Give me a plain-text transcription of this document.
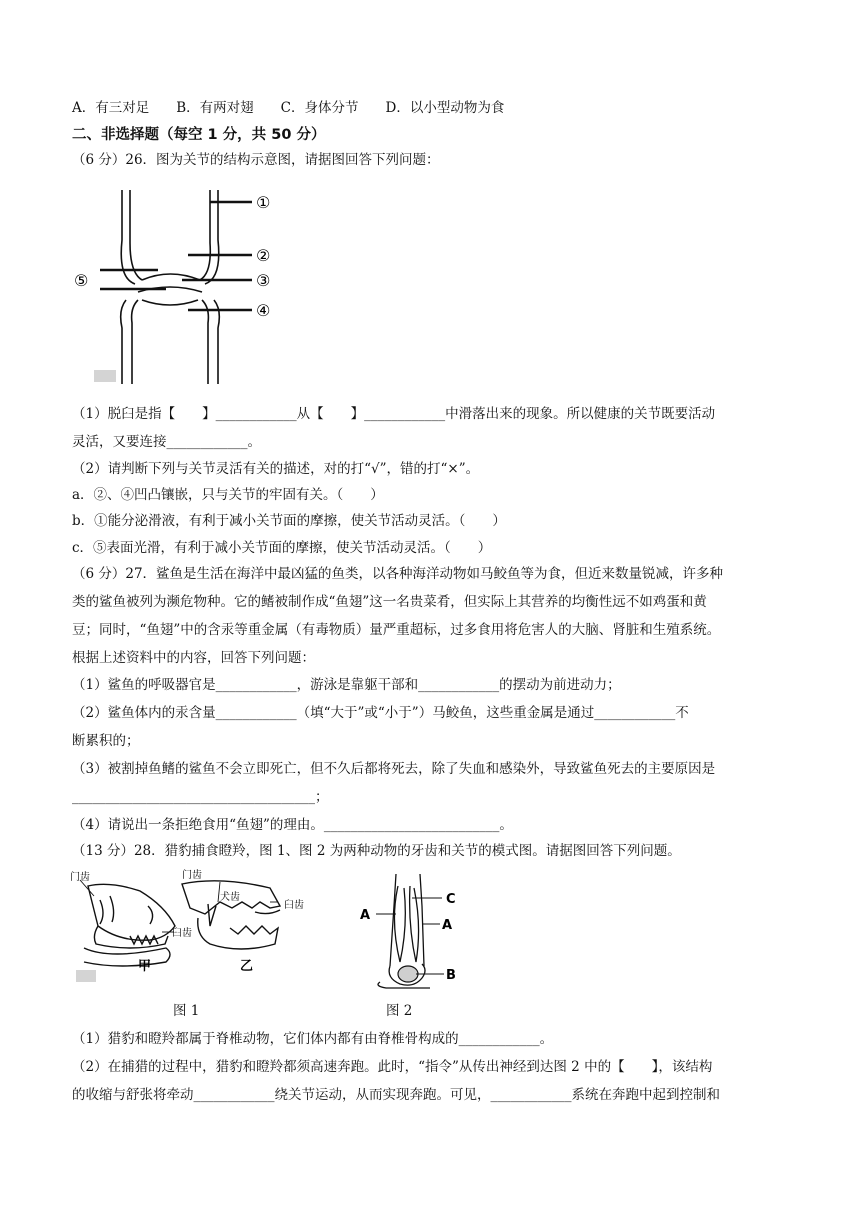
A．有三对足　　B．有两对翅　　C．身体分节　　D．以小型动物为食
二、非选择题（每空 1 分，共 50 分）
（6 分）26．图为关节的结构示意图，请据图回答下列问题：
①
②
③
④
⑤
（1）脱臼是指【　　】____________从【　　】____________中滑落出来的现象。所以健康的关节既要活动
灵活，又要连接____________。
（2）请判断下列与关节灵活有关的描述，对的打“√”，错的打“×”。
a．②、④凹凸镶嵌，只与关节的牢固有关。（　　）
b．①能分泌滑液，有利于减小关节面的摩擦，使关节活动灵活。（　　）
c．⑤表面光滑，有利于减小关节面的摩擦，使关节活动灵活。（　　）
（6 分）27．鲨鱼是生活在海洋中最凶猛的鱼类，以各种海洋动物如马鲛鱼等为食，但近来数量锐减，许多种
类的鲨鱼被列为濒危物种。它的鳍被制作成“鱼翅”这一名贵菜肴，但实际上其营养的均衡性远不如鸡蛋和黄
豆；同时，“鱼翅”中的含汞等重金属（有毒物质）量严重超标，过多食用将危害人的大脑、肾脏和生殖系统。
根据上述资料中的内容，回答下列问题：
（1）鲨鱼的呼吸器官是____________，游泳是靠躯干部和____________的摆动为前进动力；
（2）鲨鱼体内的汞含量____________（填“大于”或“小于”）马鲛鱼，这些重金属是通过____________不
断累积的；
（3）被割掉鱼鳍的鲨鱼不会立即死亡，但不久后都将死去，除了失血和感染外，导致鲨鱼死去的主要原因是
____________________________________；
（4）请说出一条拒绝食用“鱼翅”的理由。__________________________。
（13 分）28．猎豹捕食瞪羚，图 1、图 2 为两种动物的牙齿和关节的模式图。请据图回答下列问题。
门齿
臼齿
门齿
犬齿
臼齿
甲	乙
A
A
C
B
图 1	图 2
（1）猎豹和瞪羚都属于脊椎动物，它们体内都有由脊椎骨构成的____________。
（2）在捕猎的过程中，猎豹和瞪羚都须高速奔跑。此时，“指令”从传出神经到达图 2 中的【　　】，该结构
的收缩与舒张将牵动____________绕关节运动，从而实现奔跑。可见，____________系统在奔跑中起到控制和
